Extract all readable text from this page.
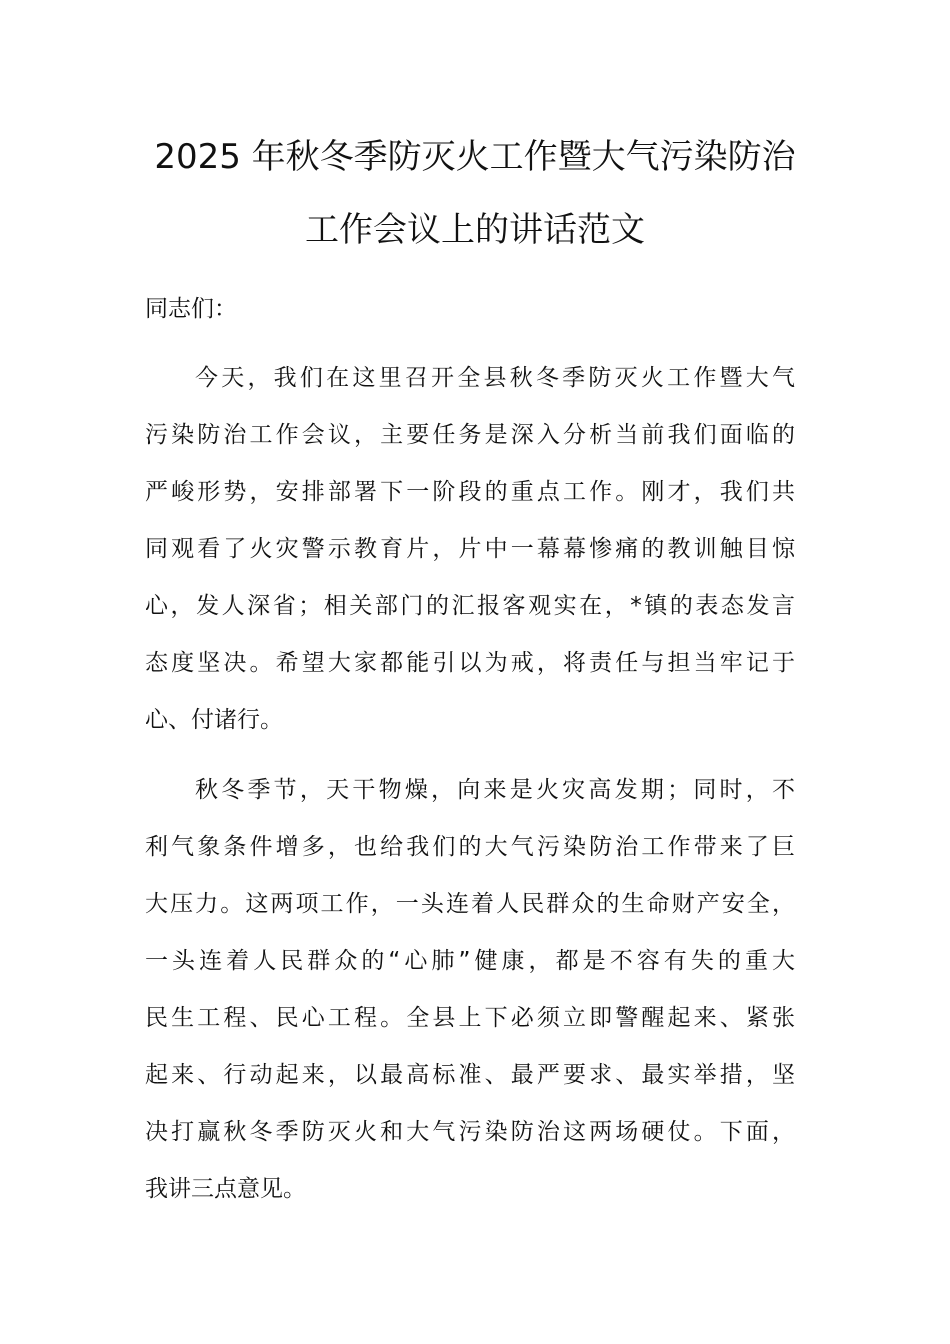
2025 年秋冬季防灭火工作暨大气污染防治
工作会议上的讲话范文
同志们：
今天，我们在这里召开全县秋冬季防灭火工作暨大气
污染防治工作会议，主要任务是深入分析当前我们面临的
严峻形势，安排部署下一阶段的重点工作。刚才，我们共
同观看了火灾警示教育片，片中一幕幕惨痛的教训触目惊
心，发人深省；相关部门的汇报客观实在，*镇的表态发言
态度坚决。希望大家都能引以为戒，将责任与担当牢记于
心、付诸行。
秋冬季节，天干物燥，向来是火灾高发期；同时，不
利气象条件增多，也给我们的大气污染防治工作带来了巨
大压力。这两项工作，一头连着人民群众的生命财产安全，
一头连着人民群众的“心肺”健康，都是不容有失的重大
民生工程、民心工程。全县上下必须立即警醒起来、紧张
起来、行动起来，以最高标准、最严要求、最实举措，坚
决打赢秋冬季防灭火和大气污染防治这两场硬仗。下面，
我讲三点意见。
